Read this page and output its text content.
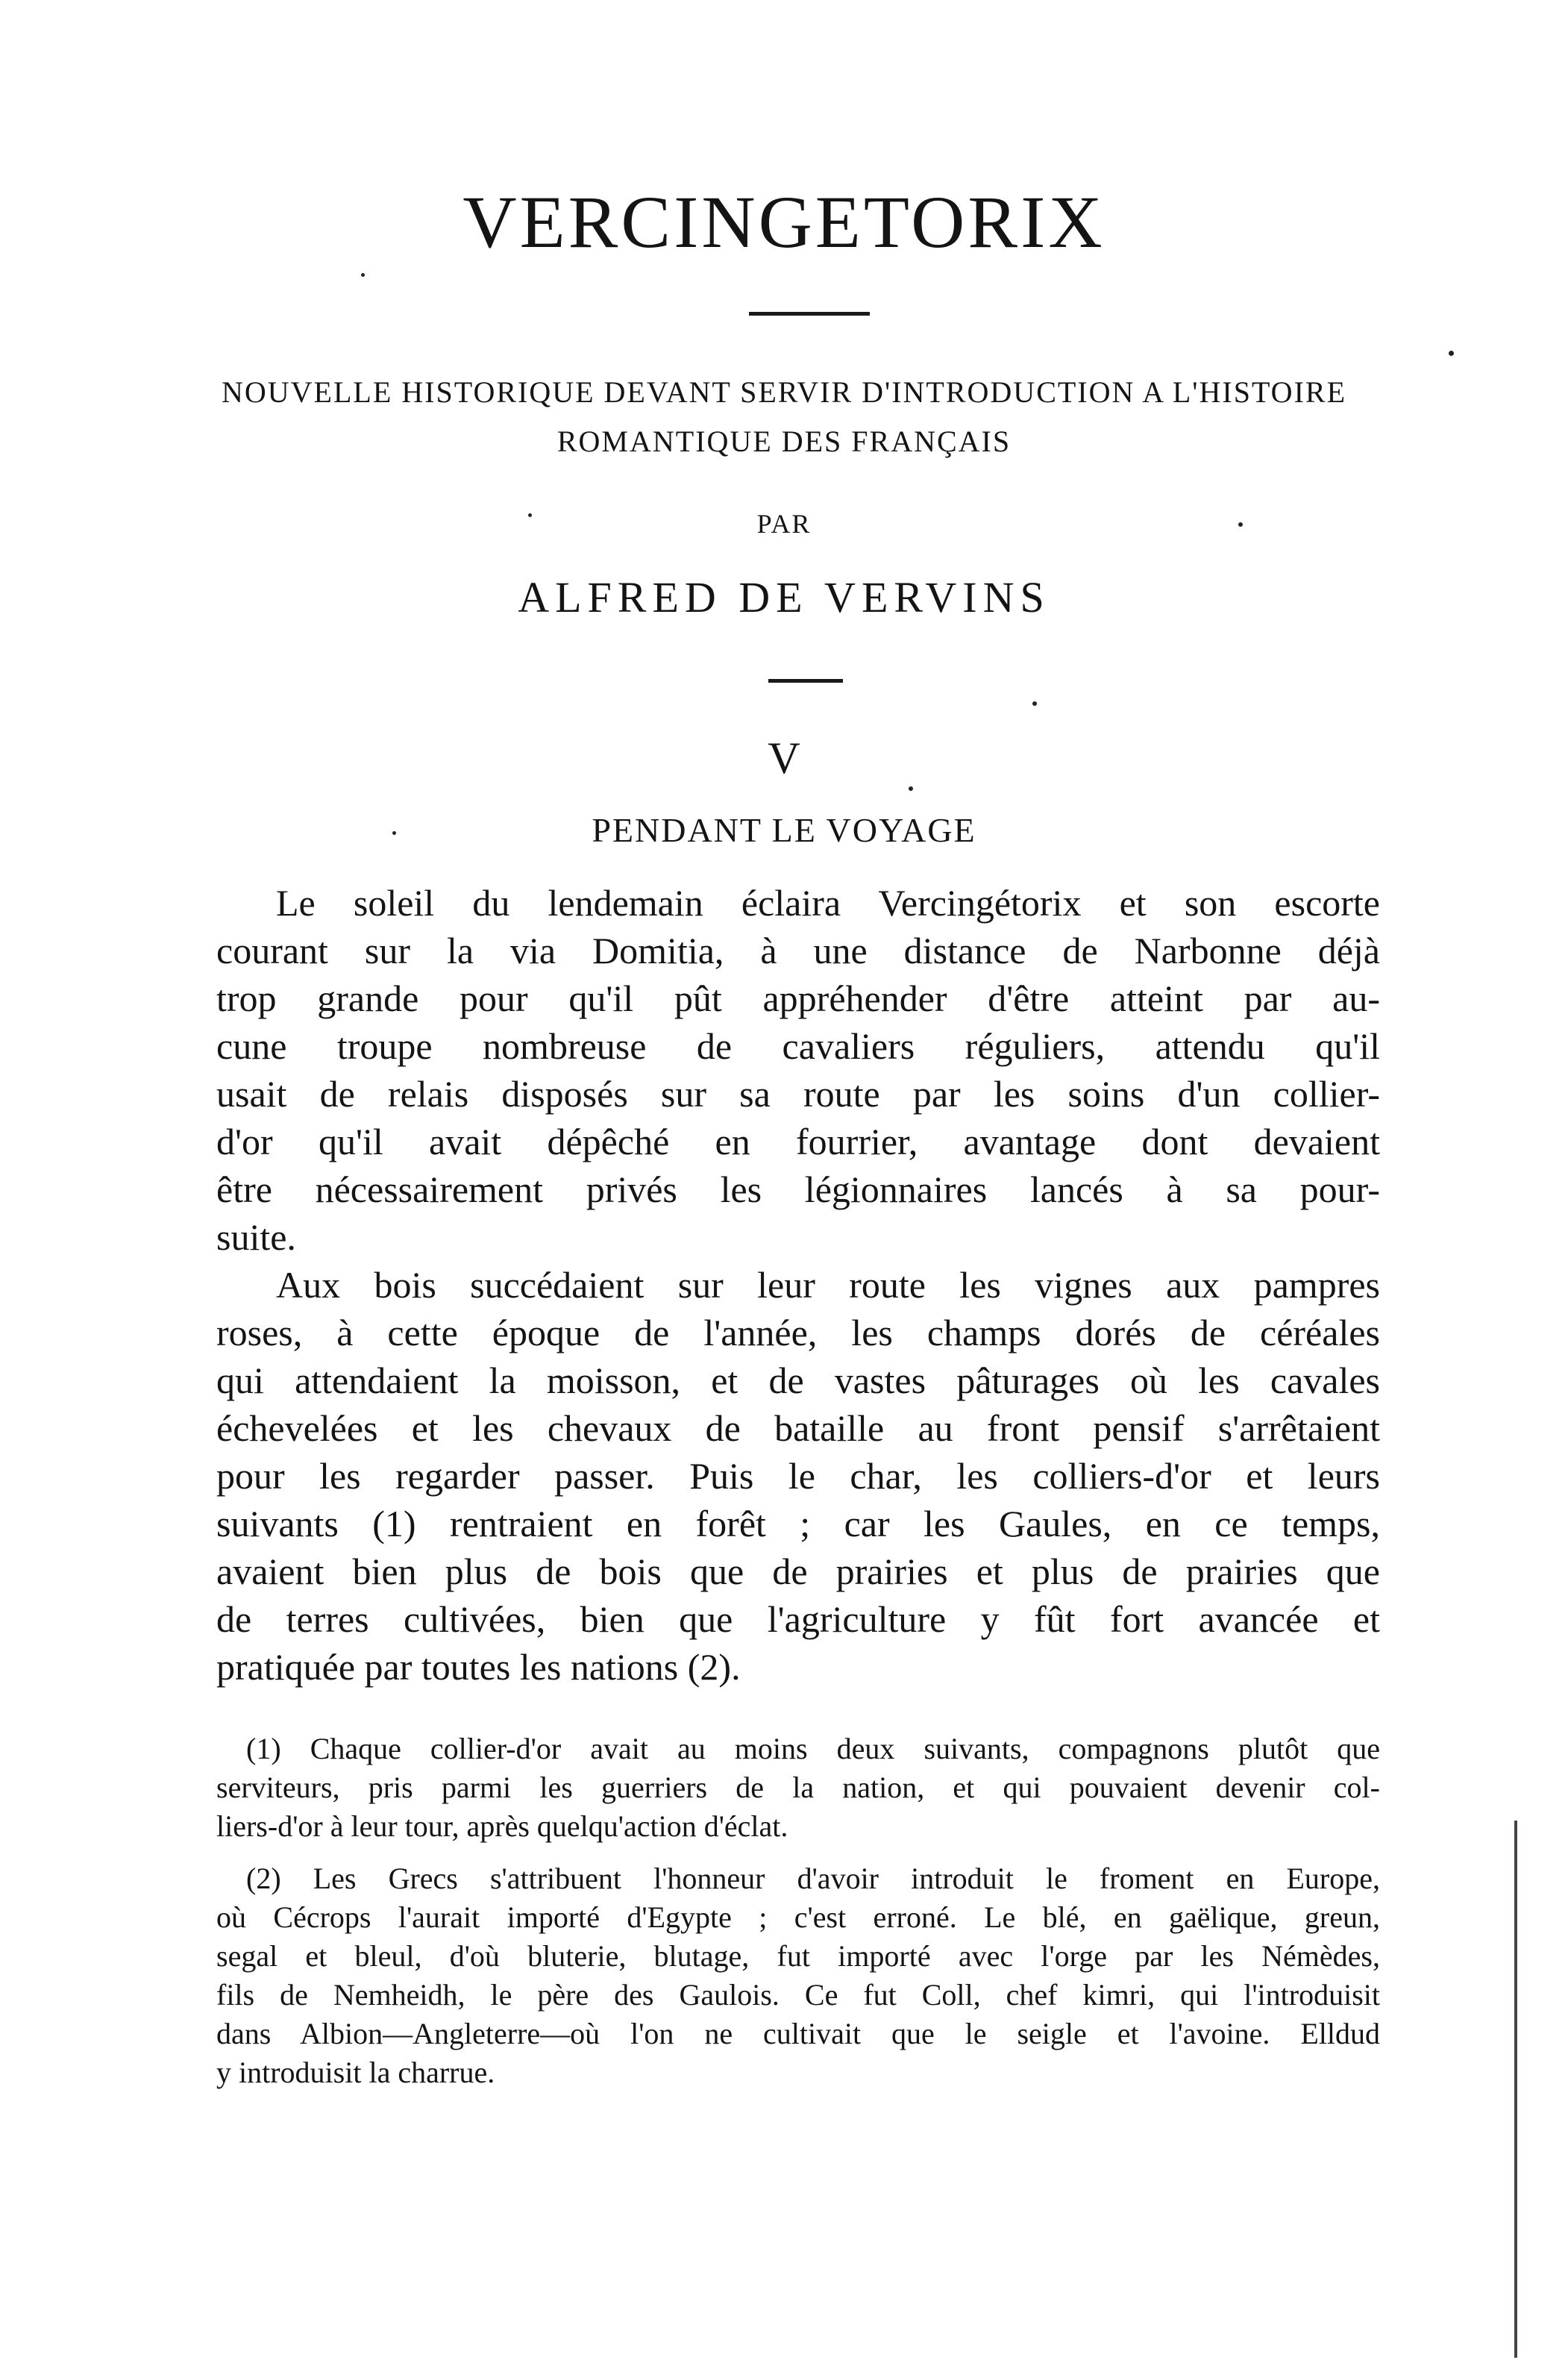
VERCINGETORIX
NOUVELLE HISTORIQUE DEVANT SERVIR D'INTRODUCTION A L'HISTOIRE
ROMANTIQUE DES FRANÇAIS
PAR
ALFRED DE VERVINS
V
PENDANT LE VOYAGE
Le soleil du lendemain éclaira Vercingétorix et son escorte
courant sur la via Domitia, à une distance de Narbonne déjà
trop grande pour qu'il pût appréhender d'être atteint par au-
cune troupe nombreuse de cavaliers réguliers, attendu qu'il
usait de relais disposés sur sa route par les soins d'un collier-
d'or qu'il avait dépêché en fourrier, avantage dont devaient
être nécessairement privés les légionnaires lancés à sa pour-
suite.
Aux bois succédaient sur leur route les vignes aux pampres
roses, à cette époque de l'année, les champs dorés de céréales
qui attendaient la moisson, et de vastes pâturages où les cavales
échevelées et les chevaux de bataille au front pensif s'arrêtaient
pour les regarder passer. Puis le char, les colliers-d'or et leurs
suivants (1) rentraient en forêt ; car les Gaules, en ce temps,
avaient bien plus de bois que de prairies et plus de prairies que
de terres cultivées, bien que l'agriculture y fût fort avancée et
pratiquée par toutes les nations (2).
(1) Chaque collier-d'or avait au moins deux suivants, compagnons plutôt que
serviteurs, pris parmi les guerriers de la nation, et qui pouvaient devenir col-
liers-d'or à leur tour, après quelqu'action d'éclat.
(2) Les Grecs s'attribuent l'honneur d'avoir introduit le froment en Europe,
où Cécrops l'aurait importé d'Egypte ; c'est erroné. Le blé, en gaëlique, greun,
segal et bleul, d'où bluterie, blutage, fut importé avec l'orge par les Némèdes,
fils de Nemheidh, le père des Gaulois. Ce fut Coll, chef kimri, qui l'introduisit
dans Albion—Angleterre—où l'on ne cultivait que le seigle et l'avoine. Elldud
y introduisit la charrue.
